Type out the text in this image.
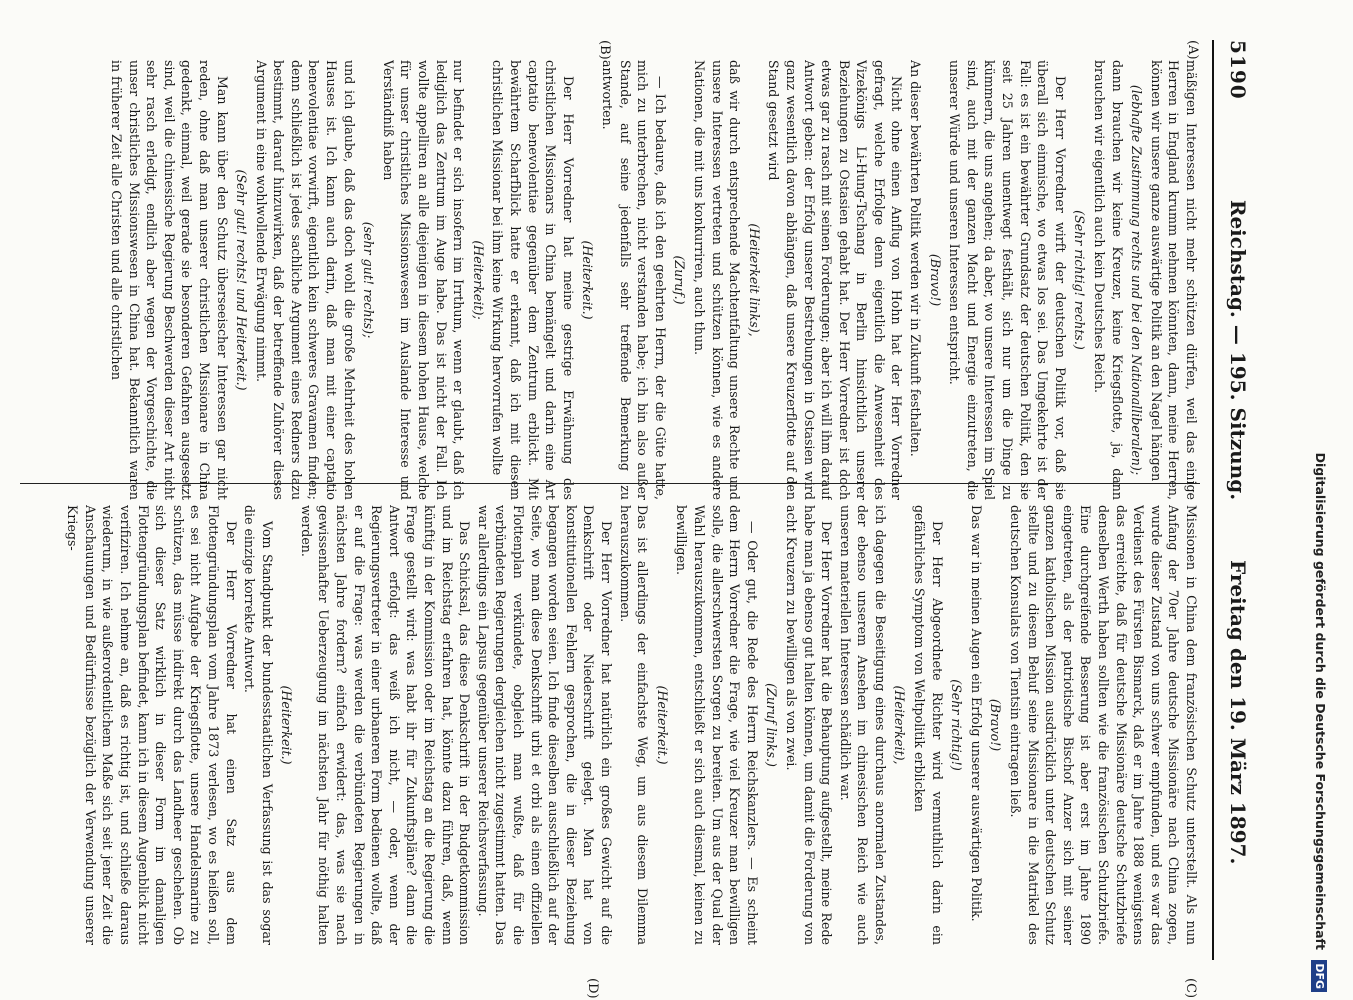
5190
Reichstag. — 195. Sitzung.
Freitag den 19. März 1897.
(A)
(B)
(C)
(D)

mäßigen Interessen nicht mehr schützen dürfen, weil das einige Herren in England krumm nehmen könnten, dann, meine Herren, können wir unsere ganze auswärtige Politik an den Nagel hängen

(lebhafte Zustimmung rechts und bei den Nationalliberalen);

dann brauchen wir keine Kreuzer, keine Kriegsflotte, ja, dann brauchen wir eigentlich auch kein Deutsches Reich.

(Sehr richtig! rechts.)

Der Herr Vorredner wirft der deutschen Politik vor, daß sie überall sich einmische, wo etwas los sei. Das Umgekehrte ist der Fall: es ist ein bewährter Grundsatz der deutschen Politik, den sie seit 25 Jahren unentwegt festhält, sich nur um die Dinge zu kümmern, die uns angehen; da aber, wo unsere Interessen im Spiel sind, auch mit der ganzen Macht und Energie einzutreten, die unserer Würde und unseren Interessen entspricht.

(Bravo!)

An dieser bewährten Politik werden wir in Zukunft festhalten.

Nicht ohne einen Anflug von Hohn hat der Herr Vorredner gefragt, welche Erfolge denn eigentlich die Anwesenheit des Vizekönigs Li-Hung-Tschang in Berlin hinsichtlich unserer Beziehungen zu Ostasien gehabt hat. Der Herr Vorredner ist doch etwas gar zu rasch mit seinen Forderungen; aber ich will ihm darauf Antwort geben: der Erfolg unserer Bestrebungen in Ostasien wird ganz wesentlich davon abhängen, daß unsere Kreuzerflotte auf den Stand gesetzt wird

(Heiterkeit links),

daß wir durch entsprechende Machtentfaltung unsere Rechte und unsere Interessen vertreten und schützen können, wie es andere Nationen, die mit uns konkurriren, auch thun.

(Zuruf.)

— Ich bedaure, daß ich den geehrten Herrn, der die Güte hatte, mich zu unterbrechen, nicht verstanden habe; ich bin also außer Stande, auf seine jedenfalls sehr treffende Bemerkung zu antworten.

(Heiterkeit.)

Der Herr Vorredner hat meine gestrige Erwähnung des christlichen Missionars in China bemängelt und darin eine Art captatio benevolentiae gegenüber dem Zentrum erblickt. Mit bewährtem Scharfblick hatte er erkannt, daß ich mit diesem christlichen Missionar bei ihm keine Wirkung hervorrufen wollte

(Heiterkeit);

nur befindet er sich insofern im Irrthum, wenn er glaubt, daß ich lediglich das Zentrum im Auge habe. Das ist nicht der Fall. Ich wollte appelliren an alle diejenigen in diesem hohen Hause, welche für unser christliches Missionswesen im Auslande Interesse und Verständniß haben

(sehr gut! rechts);

und ich glaube, daß das doch wohl die große Mehrheit des hohen Hauses ist. Ich kann auch darin, daß man mit einer captatio benevolentiae vorwirft, eigentlich kein schweres Gravamen finden; denn schließlich ist jedes sachliche Argument eines Redners dazu bestimmt, darauf hinzuwirken, daß der betreffende Zuhörer dieses Argument in eine wohlwollende Erwägung nimmt.

(Sehr gut! rechts! und Heiterkeit.)

Man kann über den Schutz überseeischer Interessen gar nicht reden, ohne daß man unserer christlichen Missionare in China gedenkt, einmal, weil gerade sie besonderen Gefahren ausgesetzt sind, weil die chinesische Regierung Beschwerden dieser Art nicht sehr rasch erledigt, endlich aber wegen der Vorgeschichte, die unser christliches Missionswesen in China hat. Bekanntlich waren in früherer Zeit alle Christen und alle christlichen

Missionen in China dem französischen Schutz unterstellt. Als nun Anfang der 70er Jahre deutsche Missionäre nach China zogen, wurde dieser Zustand von uns schwer empfunden, und es war das Verdienst des Fürsten Bismarck, daß er im Jahre 1888 wenigstens das erreichte, daß für deutsche Missionäre deutsche Schutzbriefe denselben Werth haben sollten wie die französischen Schutzbriefe. Eine durchgreifende Besserung ist aber erst im Jahre 1890 eingetreten, als der patriotische Bischof Anzer sich mit seiner ganzen katholischen Mission ausdrücklich unter deutschen Schutz stellte und zu diesem Behuf seine Missionare in die Matrikel des deutschen Konsulats von Tientsin eintragen ließ.

(Bravo!)

Das war in meinen Augen ein Erfolg unserer auswärtigen Politik.

(Sehr richtig!)

Der Herr Abgeordnete Richter wird vermuthlich darin ein gefährliches Symptom von Weltpolitik erblicken

(Heiterkeit),

ich dagegen die Beseitigung eines durchaus anormalen Zustandes, der ebenso unserem Ansehen im chinesischen Reich wie auch unseren materiellen Interessen schädlich war.

Der Herr Vorredner hat die Behauptung aufgestellt, meine Rede habe man ja ebenso gut halten können, um damit die Forderung von acht Kreuzern zu bewilligen als von zwei.

(Zuruf links.)

— Oder gut, die Rede des Herrn Reichskanzlers. — Es scheint dem Herrn Vorredner die Frage, wie viel Kreuzer man bewilligen solle, die allerschwersten Sorgen zu bereiten. Um aus der Qual der Wahl herauszukommen, entschließt er sich auch diesmal, keinen zu bewilligen.

(Heiterkeit.)

Das ist allerdings der einfachste Weg, um aus diesem Dilemma herauszukommen.

Der Herr Vorredner hat natürlich ein großes Gewicht auf die Denkschrift oder Niederschrift gelegt. Man hat von konstitutionellen Fehlern gesprochen, die in dieser Beziehung begangen worden seien. Ich finde dieselben ausschließlich auf der Seite, wo man diese Denkschrift urbi et orbi als einen offiziellen Flottenplan verkündete, obgleich man wußte, daß für die verbündeten Regierungen dergleichen nicht zugestimmt hatten. Das war allerdings ein Lapsus gegenüber unserer Reichsverfassung.

Das Schicksal, das diese Denkschrift in der Budgetkommission und im Reichstag erfahren hat, könnte dazu führen, daß, wenn künftig in der Kommission oder im Reichstag an die Regierung die Frage gestellt wird: was habt ihr für Zukunftspläne? dann die Antwort erfolgt: das weiß ich nicht, — oder, wenn der Regierungsvertreter in einer urbaneren Form bedienen wollte, daß er auf die Frage: was werden die verbündeten Regierungen in nächsten Jahre fordern? einfach erwidert: das, was sie nach gewissenhafter Ueberzeugung im nächsten Jahr für nöthig halten werden.

(Heiterkeit.)

Vom Standpunkt der bundesstaatlichen Verfassung ist das sogar die einzige korrekte Antwort.

Der Herr Vorredner hat einen Satz aus dem Flottengründungsplan vom Jahre 1873 verlesen, wo es heißen soll, es sei nicht Aufgabe der Kriegsflotte, unsere Handelsmarine zu schützen, das müsse indirekt durch das Landheer geschehen. Ob sich dieser Satz wirklich in dieser Form im damaligen Flottengründungsplan befindet, kann ich in diesem Augenblick nicht verifiziren. Ich nehme an, daß es richtig ist, und schließe daraus wiederum, in wie außerordentlichem Maße sich seit jener Zeit die Anschauungen und Bedürfnisse bezüglich der Verwendung unserer Kriegs-	Digitalisierung gefördert durch die Deutsche Forschungsgemeinschaft DFG
